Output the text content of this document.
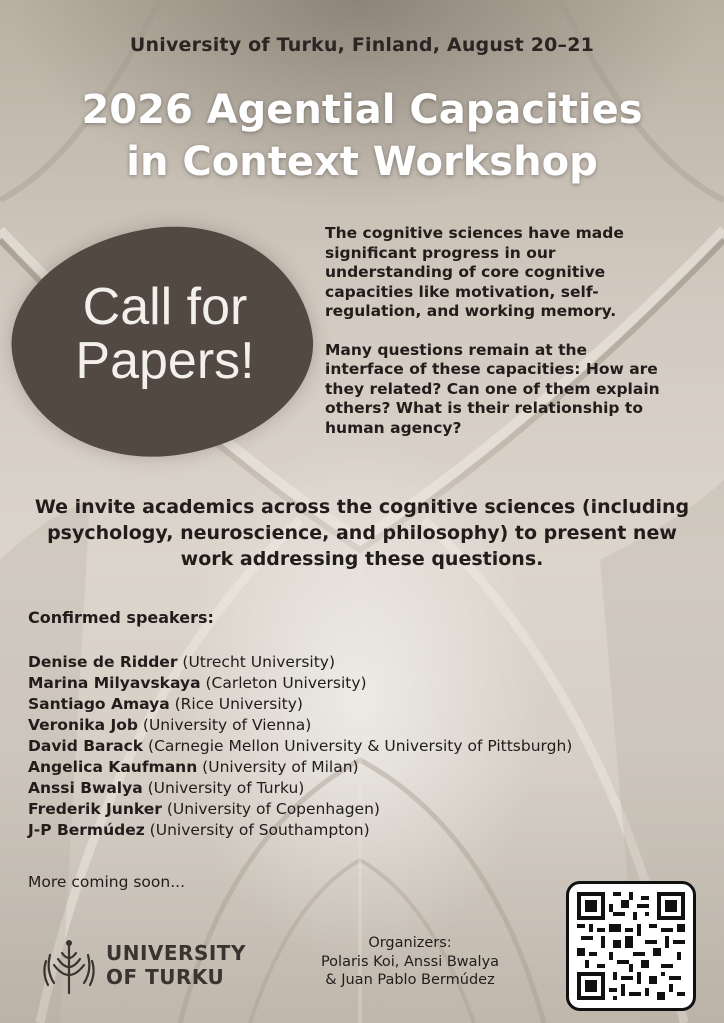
University of Turku, Finland, August 20–21
2026 Agential Capacities
in Context Workshop
Call for
Papers!

The cognitive sciences have made significant progress in our understanding of core cognitive capacities like motivation, self-regulation, and working memory.

Many questions remain at the interface of these capacities: How are they related? Can one of them explain others? What is their relationship to human agency?

We invite academics across the cognitive sciences (including psychology, neuroscience, and philosophy) to present new work addressing these questions.
Confirmed speakers:
Denise de Ridder (Utrecht University)
Marina Milyavskaya (Carleton University)
Santiago Amaya (Rice University)
Veronika Job (University of Vienna)
David Barack (Carnegie Mellon University & University of Pittsburgh)
Angelica Kaufmann (University of Milan)
Anssi Bwalya (University of Turku)
Frederik Junker (University of Copenhagen)
J-P Bermúdez (University of Southampton)
More coming soon...
UNIVERSITY
OF TURKU
Organizers:
Polaris Koi, Anssi Bwalya
& Juan Pablo Bermúdez
